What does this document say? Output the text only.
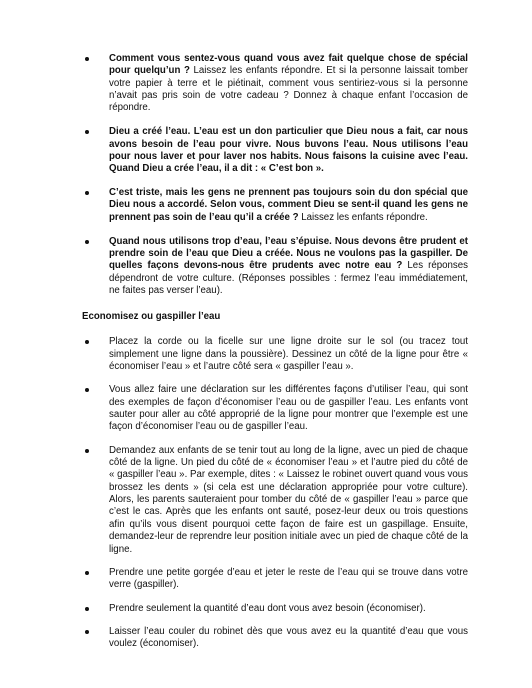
Comment vous sentez-vous quand vous avez fait quelque chose de spécial pour quelqu’un ? Laissez les enfants répondre. Et si la personne laissait tomber votre papier à terre et le piétinait, comment vous sentiriez-vous si la personne n’avait pas pris soin de votre cadeau ? Donnez à chaque enfant l’occasion de répondre.
Dieu a créé l’eau. L’eau est un don particulier que Dieu nous a fait, car nous avons besoin de l’eau pour vivre. Nous buvons l’eau. Nous utilisons l’eau pour nous laver et pour laver nos habits. Nous faisons la cuisine avec l’eau. Quand Dieu a crée l’eau, il a dit : « C’est bon ».
C’est triste, mais les gens ne prennent pas toujours soin du don spécial que Dieu nous a accordé. Selon vous, comment Dieu se sent-il quand les gens ne prennent pas soin de l’eau qu’il a créée ? Laissez les enfants répondre.
Quand nous utilisons trop d’eau, l’eau s’épuise. Nous devons être prudent et prendre soin de l’eau que Dieu a créée. Nous ne voulons pas la gaspiller. De quelles façons devons-nous être prudents avec notre eau ? Les réponses dépendront de votre culture. (Réponses possibles : fermez l’eau immédiatement, ne faites pas verser l’eau).
Economisez ou gaspiller l’eau
Placez la corde ou la ficelle sur une ligne droite sur le sol (ou tracez tout simplement une ligne dans la poussière). Dessinez un côté de la ligne pour être « économiser l’eau » et l’autre côté sera « gaspiller l’eau ».
Vous allez faire une déclaration sur les différentes façons d’utiliser l’eau, qui sont des exemples de façon d’économiser l’eau ou de gaspiller l’eau. Les enfants vont sauter pour aller au côté approprié de la ligne pour montrer que l’exemple est une façon d’économiser l’eau ou de gaspiller l’eau.
Demandez aux enfants de se tenir tout au long de la ligne, avec un pied de chaque côté de la ligne. Un pied du côté de « économiser l’eau » et l’autre pied du côté de « gaspiller l’eau ». Par exemple, dites : « Laissez le robinet ouvert quand vous vous brossez les dents » (si cela est une déclaration appropriée pour votre culture). Alors, les parents sauteraient pour tomber du côté de « gaspiller l’eau » parce que c’est le cas. Après que les enfants ont sauté, posez-leur deux ou trois questions afin qu’ils vous disent pourquoi cette façon de faire est un gaspillage. Ensuite, demandez-leur de reprendre leur position initiale avec un pied de chaque côté de la ligne.
Prendre une petite gorgée d’eau et jeter le reste de l’eau qui se trouve dans votre verre (gaspiller).
Prendre seulement la quantité d’eau dont vous avez besoin (économiser).
Laisser l’eau couler du robinet dès que vous avez eu la quantité d’eau que vous voulez (économiser).
